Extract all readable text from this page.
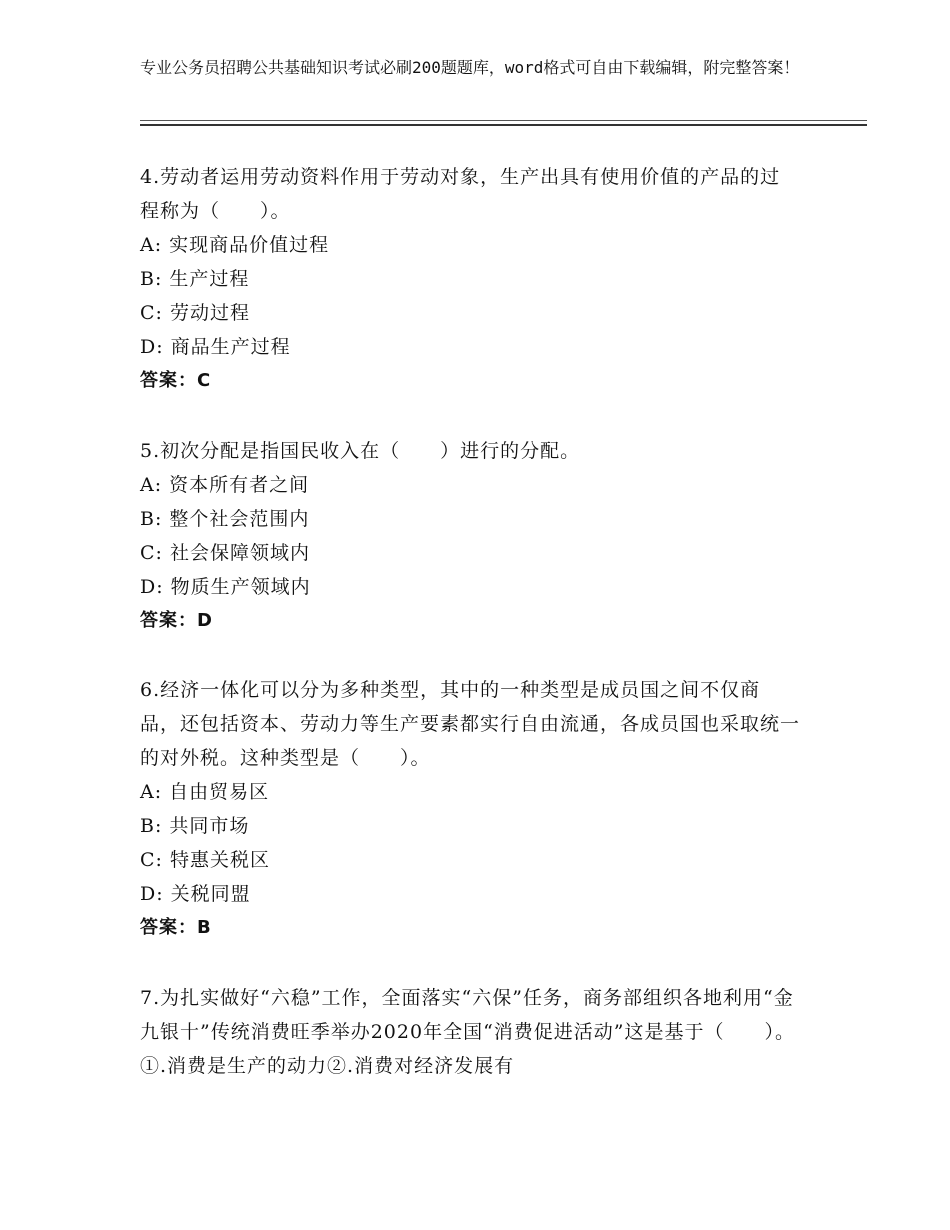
专业公务员招聘公共基础知识考试必刷200题题库，word格式可自由下载编辑，附完整答案！

4.劳动者运用劳动资料作用于劳动对象，生产出具有使用价值的产品的过程称为（　　）。

A: 实现商品价值过程

B: 生产过程

C: 劳动过程

D: 商品生产过程

答案：C

5.初次分配是指国民收入在（　　）进行的分配。

A: 资本所有者之间

B: 整个社会范围内

C: 社会保障领域内

D: 物质生产领域内

答案：D

6.经济一体化可以分为多种类型，其中的一种类型是成员国之间不仅商品，还包括资本、劳动力等生产要素都实行自由流通，各成员国也采取统一的对外税。这种类型是（　　）。

A: 自由贸易区

B: 共同市场

C: 特惠关税区

D: 关税同盟

答案：B

7.为扎实做好“六稳”工作，全面落实“六保”任务，商务部组织各地利用“金九银十”传统消费旺季举办2020年全国“消费促进活动”这是基于（　　）。①.消费是生产的动力②.消费对经济发展有
